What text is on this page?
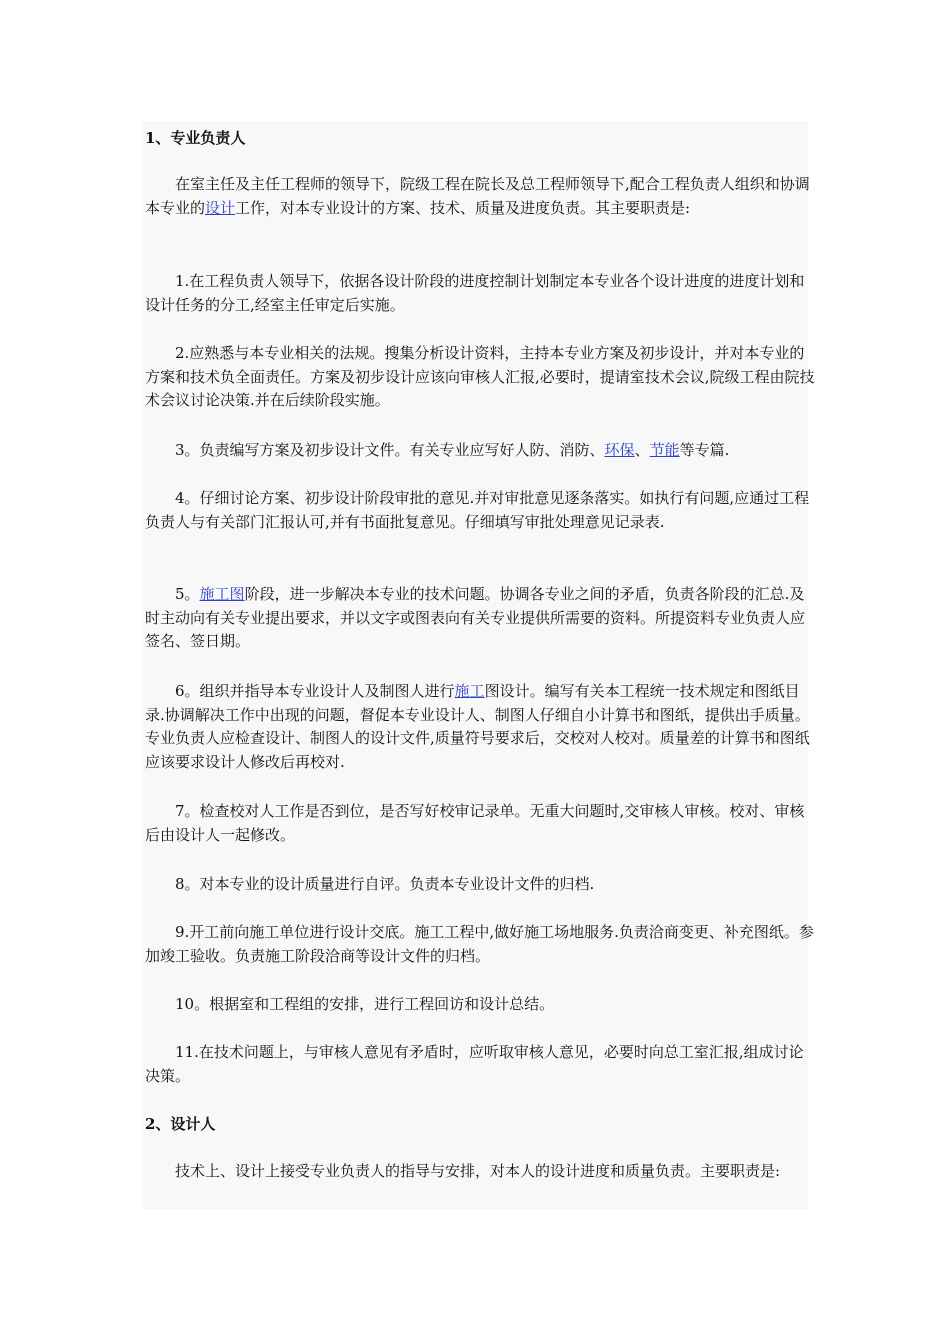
1、专业负责人

在室主任及主任工程师的领导下，院级工程在院长及总工程师领导下,配合工程负责人组织和协调本专业的设计工作，对本专业设计的方案、技术、质量及进度负责。其主要职责是:

1.在工程负责人领导下，依据各设计阶段的进度控制计划制定本专业各个设计进度的进度计划和设计任务的分工,经室主任审定后实施。

2.应熟悉与本专业相关的法规。搜集分析设计资料，主持本专业方案及初步设计，并对本专业的方案和技术负全面责任。方案及初步设计应该向审核人汇报,必要时，提请室技术会议,院级工程由院技术会议讨论决策.并在后续阶段实施。

3。负责编写方案及初步设计文件。有关专业应写好人防、消防、环保、节能等专篇.

4。仔细讨论方案、初步设计阶段审批的意见.并对审批意见逐条落实。如执行有问题,应通过工程负责人与有关部门汇报认可,并有书面批复意见。仔细填写审批处理意见记录表.

5。施工图阶段，进一步解决本专业的技术问题。协调各专业之间的矛盾，负责各阶段的汇总.及时主动向有关专业提出要求，并以文字或图表向有关专业提供所需要的资料。所提资料专业负责人应签名、签日期。

6。组织并指导本专业设计人及制图人进行施工图设计。编写有关本工程统一技术规定和图纸目录.协调解决工作中出现的问题，督促本专业设计人、制图人仔细自小计算书和图纸，提供出手质量。专业负责人应检查设计、制图人的设计文件,质量符号要求后，交校对人校对。质量差的计算书和图纸应该要求设计人修改后再校对.

7。检查校对人工作是否到位，是否写好校审记录单。无重大问题时,交审核人审核。校对、审核后由设计人一起修改。

8。对本专业的设计质量进行自评。负责本专业设计文件的归档.

9.开工前向施工单位进行设计交底。施工工程中,做好施工场地服务.负责洽商变更、补充图纸。参加竣工验收。负责施工阶段洽商等设计文件的归档。

10。根据室和工程组的安排，进行工程回访和设计总结。

11.在技术问题上，与审核人意见有矛盾时，应听取审核人意见，必要时向总工室汇报,组成讨论决策。

2、设计人

技术上、设计上接受专业负责人的指导与安排，对本人的设计进度和质量负责。主要职责是:
